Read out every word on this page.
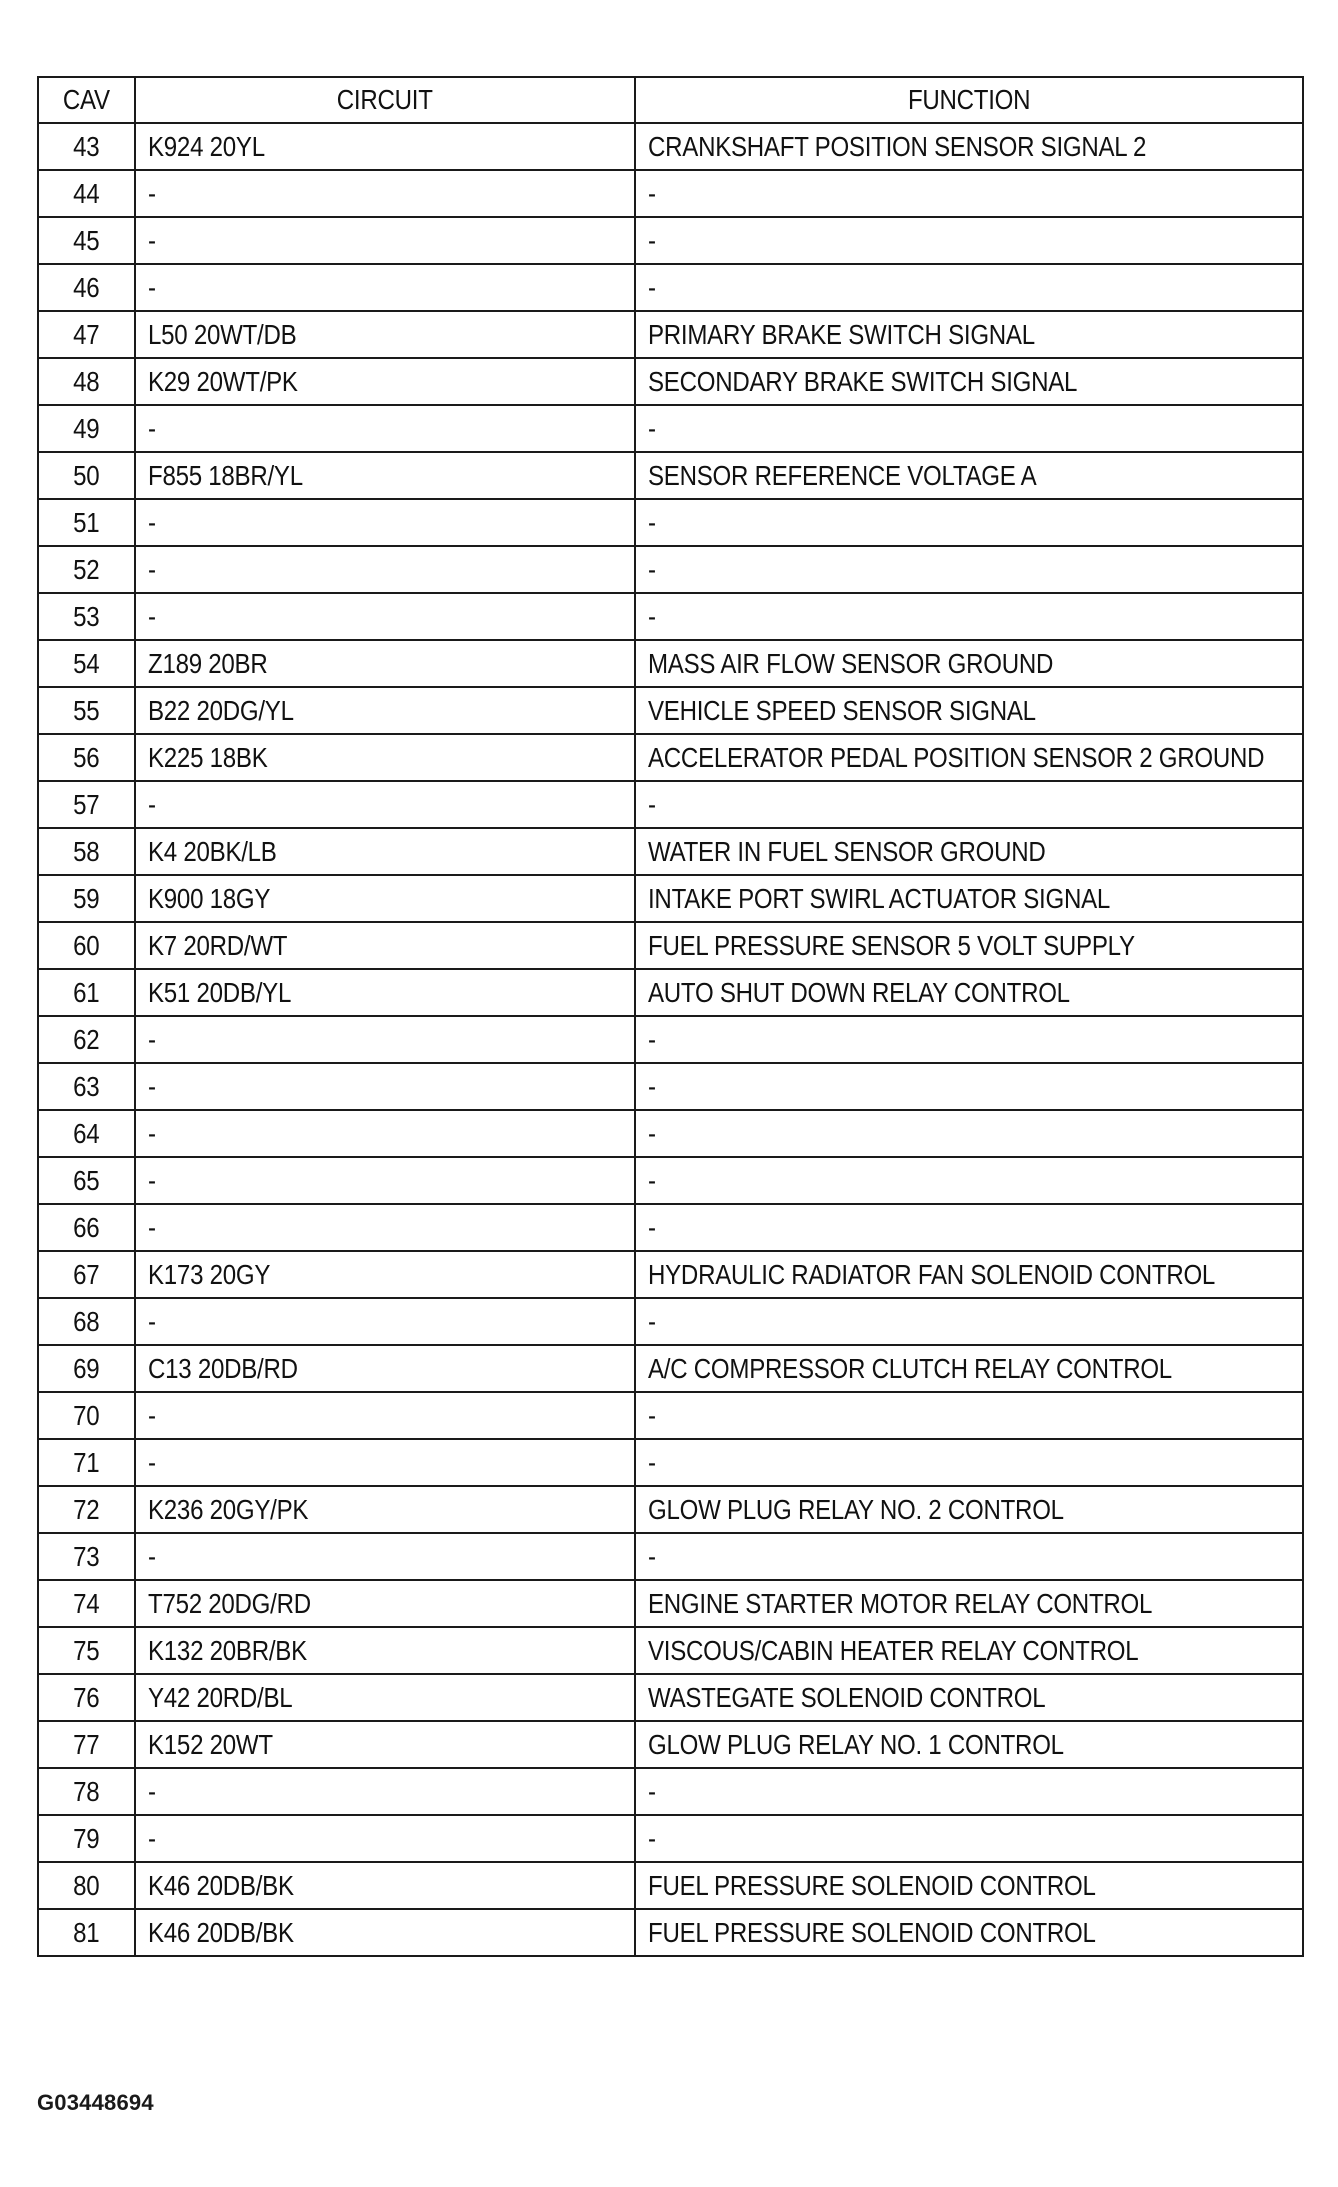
CAV	CIRCUIT	FUNCTION
43	K924 20YL	CRANKSHAFT POSITION SENSOR SIGNAL 2
44	-	-
45	-	-
46	-	-
47	L50 20WT/DB	PRIMARY BRAKE SWITCH SIGNAL
48	K29 20WT/PK	SECONDARY BRAKE SWITCH SIGNAL
49	-	-
50	F855 18BR/YL	SENSOR REFERENCE VOLTAGE A
51	-	-
52	-	-
53	-	-
54	Z189 20BR	MASS AIR FLOW SENSOR GROUND
55	B22 20DG/YL	VEHICLE SPEED SENSOR SIGNAL
56	K225 18BK	ACCELERATOR PEDAL POSITION SENSOR 2 GROUND
57	-	-
58	K4 20BK/LB	WATER IN FUEL SENSOR GROUND
59	K900 18GY	INTAKE PORT SWIRL ACTUATOR SIGNAL
60	K7 20RD/WT	FUEL PRESSURE SENSOR 5 VOLT SUPPLY
61	K51 20DB/YL	AUTO SHUT DOWN RELAY CONTROL
62	-	-
63	-	-
64	-	-
65	-	-
66	-	-
67	K173 20GY	HYDRAULIC RADIATOR FAN SOLENOID CONTROL
68	-	-
69	C13 20DB/RD	A/C COMPRESSOR CLUTCH RELAY CONTROL
70	-	-
71	-	-
72	K236 20GY/PK	GLOW PLUG RELAY NO. 2 CONTROL
73	-	-
74	T752 20DG/RD	ENGINE STARTER MOTOR RELAY CONTROL
75	K132 20BR/BK	VISCOUS/CABIN HEATER RELAY CONTROL
76	Y42 20RD/BL	WASTEGATE SOLENOID CONTROL
77	K152 20WT	GLOW PLUG RELAY NO. 1 CONTROL
78	-	-
79	-	-
80	K46 20DB/BK	FUEL PRESSURE SOLENOID CONTROL
81	K46 20DB/BK	FUEL PRESSURE SOLENOID CONTROL
G03448694
